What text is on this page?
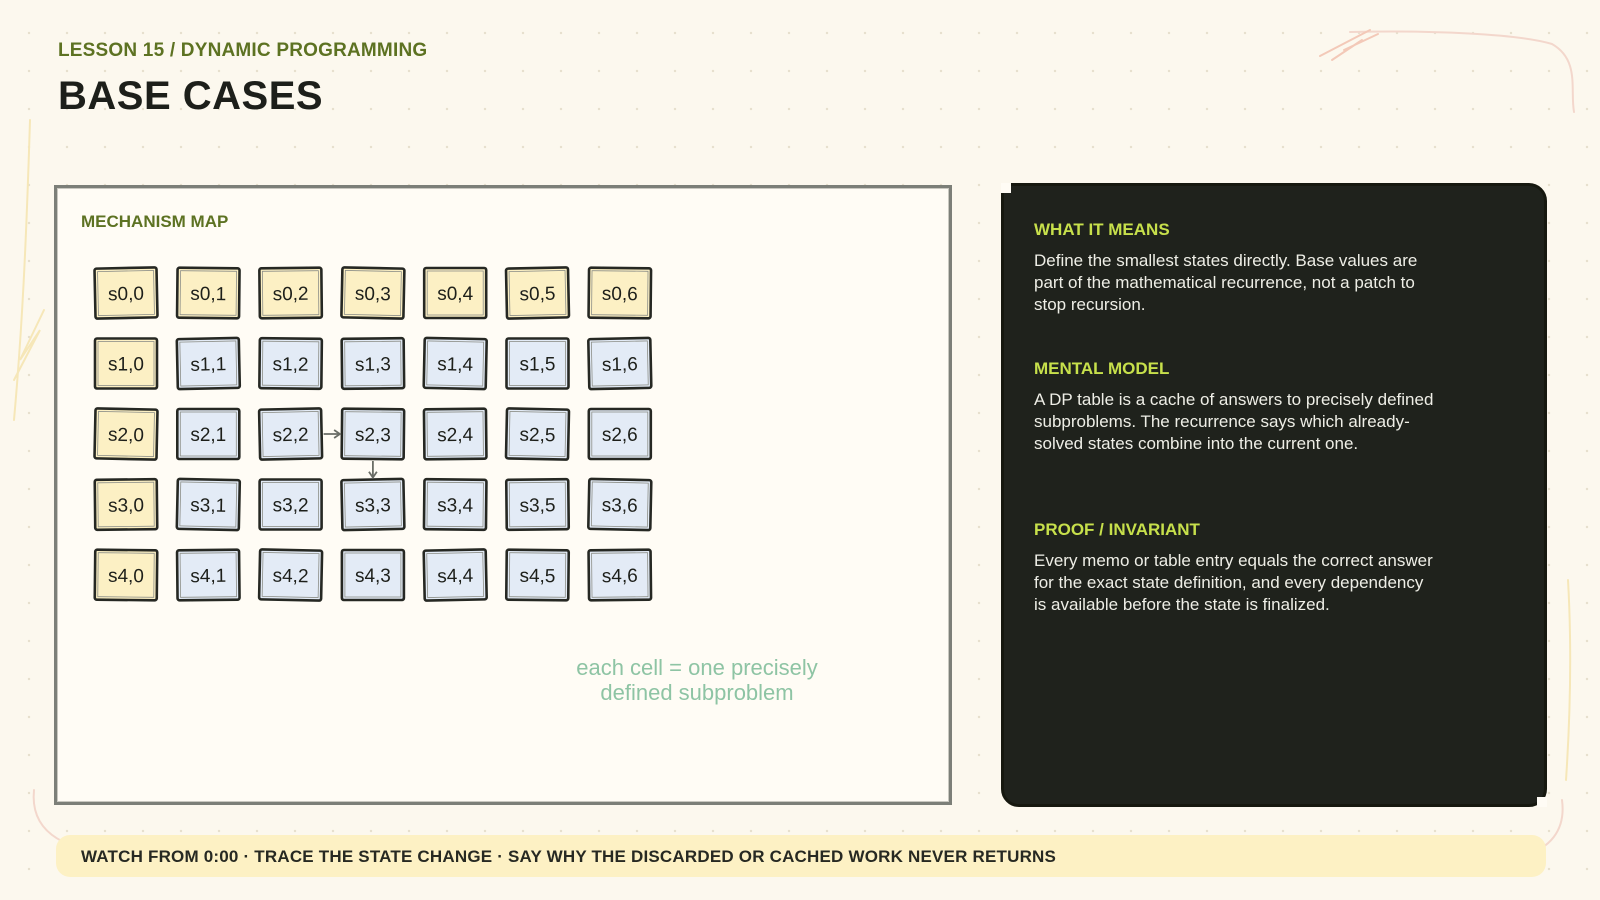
LESSON 15 / DYNAMIC PROGRAMMING
BASE CASES
MECHANISM MAP
s0,0 s0,1 s0,2 s0,3 s0,4 s0,5 s0,6
s1,0 s1,1 s1,2 s1,3 s1,4 s1,5 s1,6
s2,0 s2,1 s2,2 s2,3 s2,4 s2,5 s2,6
s3,0 s3,1 s3,2 s3,3 s3,4 s3,5 s3,6
s4,0 s4,1 s4,2 s4,3 s4,4 s4,5 s4,6
each cell = one precisely
defined subproblem
WHAT IT MEANS

Define the smallest states directly. Base values are part of the mathematical recurrence, not a patch to stop recursion.

MENTAL MODEL

A DP table is a cache of answers to precisely defined subproblems. The recurrence says which already-solved states combine into the current one.

PROOF / INVARIANT

Every memo or table entry equals the correct answer for the exact state definition, and every dependency is available before the state is finalized.

WATCH FROM 0:00 · TRACE THE STATE CHANGE · SAY WHY THE DISCARDED OR CACHED WORK NEVER RETURNS
